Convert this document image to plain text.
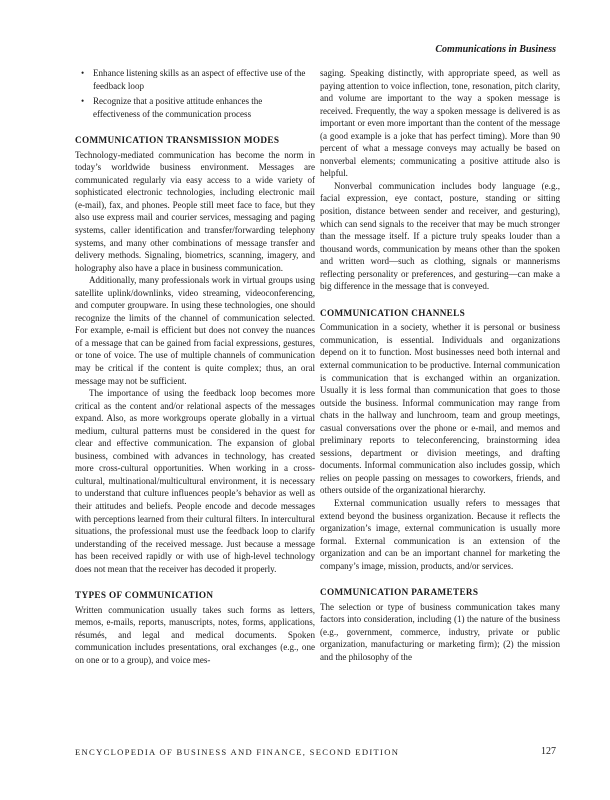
Communications in Business
• Enhance listening skills as an aspect of effective use of the feedback loop
• Recognize that a positive attitude enhances the effectiveness of the communication process
COMMUNICATION TRANSMISSION MODES

Technology-mediated communication has become the norm in today’s worldwide business environment. Messages are communicated regularly via easy access to a wide variety of sophisticated electronic technologies, including electronic mail (e-mail), fax, and phones. People still meet face to face, but they also use express mail and courier services, messaging and paging systems, caller identification and transfer/forwarding telephony systems, and many other combinations of message transfer and delivery methods. Signaling, biometrics, scanning, imagery, and holography also have a place in business communication.

Additionally, many professionals work in virtual groups using satellite uplink/downlinks, video streaming, videoconferencing, and computer groupware. In using these technologies, one should recognize the limits of the channel of communication selected. For example, e-mail is efficient but does not convey the nuances of a message that can be gained from facial expressions, gestures, or tone of voice. The use of multiple channels of communication may be critical if the content is quite complex; thus, an oral message may not be sufficient.

The importance of using the feedback loop becomes more critical as the content and/or relational aspects of the messages expand. Also, as more workgroups operate globally in a virtual medium, cultural patterns must be considered in the quest for clear and effective communication. The expansion of global business, combined with advances in technology, has created more cross-cultural opportunities. When working in a cross-cultural, multinational/multicultural environment, it is necessary to understand that culture influences people’s behavior as well as their attitudes and beliefs. People encode and decode messages with perceptions learned from their cultural filters. In intercultural situations, the professional must use the feedback loop to clarify understanding of the received message. Just because a message has been received rapidly or with use of high-level technology does not mean that the receiver has decoded it properly.

TYPES OF COMMUNICATION

Written communication usually takes such forms as letters, memos, e-mails, reports, manuscripts, notes, forms, applications, résumés, and legal and medical documents. Spoken communication includes presentations, oral exchanges (e.g., one on one or to a group), and voice mes-

saging. Speaking distinctly, with appropriate speed, as well as paying attention to voice inflection, tone, resonation, pitch clarity, and volume are important to the way a spoken message is received. Frequently, the way a spoken message is delivered is as important or even more important than the content of the message (a good example is a joke that has perfect timing). More than 90 percent of what a message conveys may actually be based on nonverbal elements; communicating a positive attitude also is helpful.

Nonverbal communication includes body language (e.g., facial expression, eye contact, posture, standing or sitting position, distance between sender and receiver, and gesturing), which can send signals to the receiver that may be much stronger than the message itself. If a picture truly speaks louder than a thousand words, communication by means other than the spoken and written word—such as clothing, signals or mannerisms reflecting personality or preferences, and gesturing—can make a big difference in the message that is conveyed.

COMMUNICATION CHANNELS

Communication in a society, whether it is personal or business communication, is essential. Individuals and organizations depend on it to function. Most businesses need both internal and external communication to be productive. Internal communication is communication that is exchanged within an organization. Usually it is less formal than communication that goes to those outside the business. Informal communication may range from chats in the hallway and lunchroom, team and group meetings, casual conversations over the phone or e-mail, and memos and preliminary reports to teleconferencing, brainstorming idea sessions, department or division meetings, and drafting documents. Informal communication also includes gossip, which relies on people passing on messages to coworkers, friends, and others outside of the organizational hierarchy.

External communication usually refers to messages that extend beyond the business organization. Because it reflects the organization’s image, external communication is usually more formal. External communication is an extension of the organization and can be an important channel for marketing the company’s image, mission, products, and/or services.

COMMUNICATION PARAMETERS

The selection or type of business communication takes many factors into consideration, including (1) the nature of the business (e.g., government, commerce, industry, private or public organization, manufacturing or marketing firm); (2) the mission and the philosophy of the

ENCYCLOPEDIA OF BUSINESS AND FINANCE, SECOND EDITION	127
